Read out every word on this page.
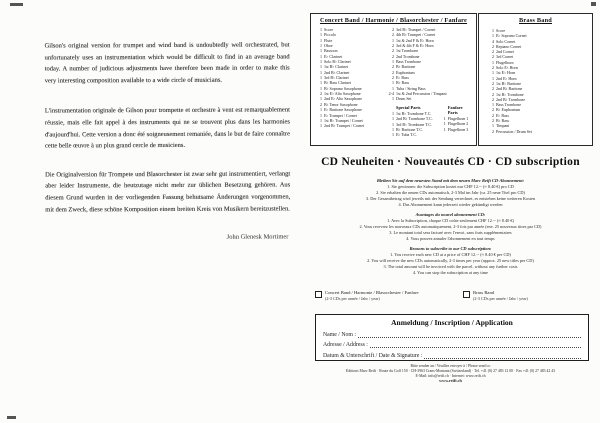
Gilson's original version for trumpet and wind band is undoubtedly well orchestrated, but unfortunately uses an instrumentation which would be difficult to find in an average band today. A number of judicious adjustments have therefore been made in order to make this very interesting composition available to a wide circle of musicians.

L'instrumentation originale de Gilson pour trompette et orchestre à vent est remarquablement réussie, mais elle fait appel à des instruments qui ne se trouvent plus dans les harmonies d'aujourd'hui. Cette version a donc été soigneusement remaniée, dans le but de faire connaître cette belle œuvre à un plus grand cercle de musiciens.

Die Originalversion für Trompete und Blasorchester ist zwar sehr gut instrumentiert, verlangt aber leider Instrumente, die heutzutage nicht mehr zur üblichen Besetzung gehören. Aus diesem Grund wurden in der vorliegenden Fassung behutsame Änderungen vorgenommen, mit dem Zweck, diese schöne Komposition einem breiten Kreis von Musikern bereitzustellen.

John Glenesk Mortimer
Concert Band / Harmonie / Blasorchester / Fanfare
1 Score
1 Piccolo
1 Flute
1 Oboe
1 Bassoon
1 E♭ Clarinet
1 Solo B♭ Clarinet
1 1st B♭ Clarinet
1 2nd B♭ Clarinet
1 3rd B♭ Clarinet
1 B♭ Bass Clarinet
1 B♭ Soprano Saxophone
2 1st E♭ Alto Saxophone
1 2nd E♭ Alto Saxophone
2 B♭ Tenor Saxophone
1 E♭ Baritone Saxophone
1 E♭ Trumpet / Cornet
1 1st B♭ Trumpet / Cornet
1 2nd B♭ Trumpet / Cornet
2 3rd B♭ Trumpet / Cornet
2 4th B♭ Trumpet / Cornet
1 1st & 2nd F & E♭ Horn
2 3rd & 4th F & E♭ Horn
2 1st Trombone
2 2nd Trombone
1 Bass Trombone
2 B♭ Baritone
2 Euphonium
2 E♭ Bass
1 B♭ Bass
1 Tuba / String Bass
2-4 1st & 2nd Percussion / Timpani
1 Drum Set
Special Parts
1 1st B♭ Trombone T.C.
1 2nd B♭ Trombone T.C.
1 3rd B♭ Trombone T.C.
1 B♭ Baritone T.C.
1 E♭ Tuba T.C.
Fanfare Parts
1 Flugelhorn 1
1 Flugelhorn 2
1 Flugelhorn 3
Brass Band
1 Score
1 E♭ Soprano Cornet
4 Solo Cornet
2 Repiano Cornet
2 2nd Cornet
2 3rd Cornet
1 Flugelhorn
2 Solo E♭ Horn
1 1st E♭ Horn
1 2nd E♭ Horn
2 1st B♭ Baritone
2 2nd B♭ Baritone
2 1st B♭ Trombone
2 2nd B♭ Trombone
1 Bass Trombone
2 B♭ Euphonium
2 E♭ Bass
2 B♭ Bass
1 Timpani
2 Percussion / Drum Set
CD Neuheiten · Nouveautés CD · CD subscription
Bleiben Sie auf dem neuesten Stand mit dem neuen Marc Reift CD-Abonnement:
1. Sie gewinnen: die Subscription kostet nur CHF 12.-- (≈ 8.40 €) pro CD
2. Sie erhalten die neuen CDs automatisch, 2-3 Mal im Jahr (ca. 25 neue Titel pro CD)
3. Der Gesamtbetrag wird jeweils mit der Sendung verrechnet, es entstehen keine weiteren Kosten
4. Das Abonnement kann jederzeit wieder gekündigt werden
Avantages du nouvel abonnement CD:
1. Avec la Subscription, chaque CD coûte seulement CHF 12.-- (≈ 8.40 €)
2. Vous recevrez les nouveaux CDs automatiquement, 2-3 fois par année (env. 25 nouveaux titres par CD)
3. Le montant total sera facturé avec l'envoi, sans frais supplémentaires
4. Vous pouvez annuler l'abonnement en tout temps
Reasons to subscribe to our CD subscription:
1. You receive each new CD at a price of CHF 12.-- (≈ 8.40 € per CD)
2. You will receive the new CDs automatically, 2-3 times per year (approx. 25 new titles per CD)
3. The total amount will be invoiced with the parcel, without any further costs
4. You can stop the subscription at any time
Concert Band / Harmonie / Blasorchester / Fanfare
(2-3 CDs per année / Jahr / year)
Brass Band
(2-3 CDs per année / Jahr / year)
Anmeldung / Inscription / Application
Name / Nom :
Adresse / Address :
Datum & Unterschrift / Date & Signature :
Bitte senden an / Veuillez envoyer à / Please send to:
Editions Marc Reift · Route du Golf 150 · CH-3963 Crans-Montana (Switzerland) · Tel. +41 (0) 27 483 12 00 · Fax +41 (0) 27 483 42 43
E-Mail: info@reift.ch · Internet: www.reift.ch
www.reift.ch
